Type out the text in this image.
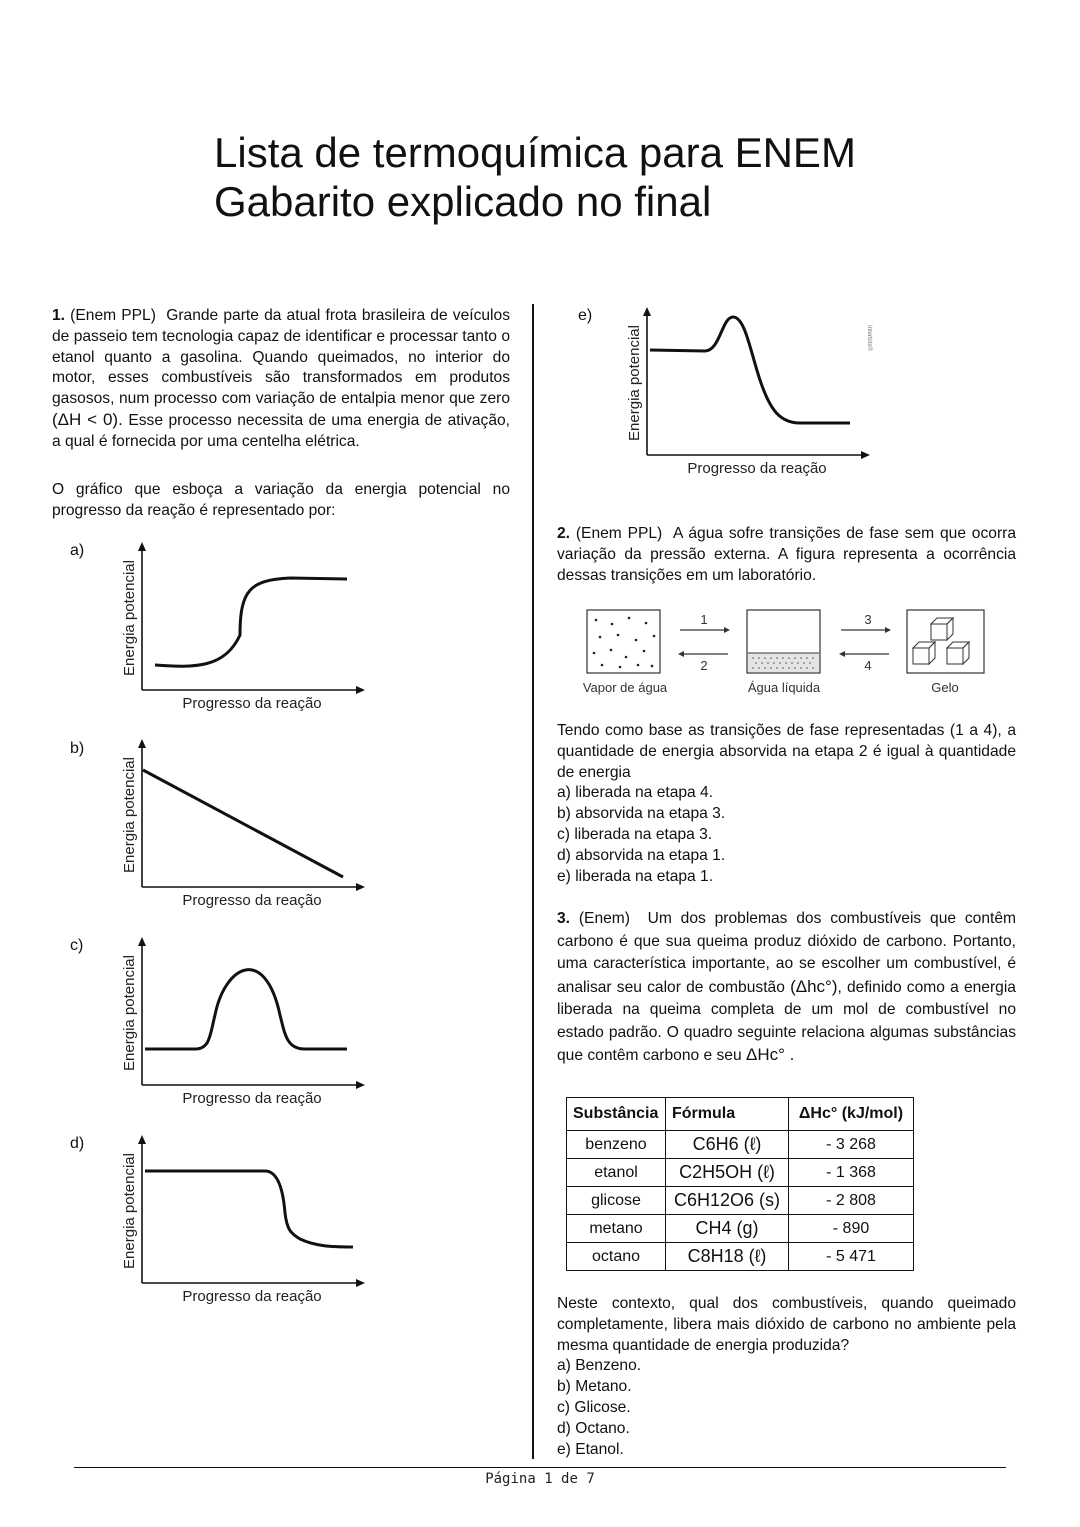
Lista de termoquímica para ENEM
Gabarito explicado no final

1. (Enem PPL) Grande parte da atual frota brasileira de veículos de passeio tem tecnologia capaz de identificar e processar tanto o etanol quanto a gasolina. Quando queimados, no interior do motor, esses combustíveis são transformados em produtos gasosos, num processo com variação de entalpia menor que zero (ΔH < 0). Esse processo necessita de uma energia de ativação, a qual é fornecida por uma centelha elétrica.

O gráfico que esboça a variação da energia potencial no progresso da reação é representado por:

a)
b)
c)
d)
e)
Energia potencial
Progresso da reação
Energia potencial
Progresso da reação
Energia potencial
Progresso da reação
Energia potencial
Progresso da reação
Interbits®
Energia potencial
Progresso da reação

2. (Enem PPL) A água sofre transições de fase sem que ocorra variação da pressão externa. A figura representa a ocorrência dessas transições em um laboratório.

1
2
3
4
Vapor de água	Água líquida	Gelo

Tendo como base as transições de fase representadas (1 a 4), a quantidade de energia absorvida na etapa 2 é igual à quantidade de energia

a) liberada na etapa 4.

b) absorvida na etapa 3.

c) liberada na etapa 3.

d) absorvida na etapa 1.

e) liberada na etapa 1.

3. (Enem) Um dos problemas dos combustíveis que contêm carbono é que sua queima produz dióxido de carbono. Portanto, uma característica importante, ao se escolher um combustível, é analisar seu calor de combustão (Δhc°), definido como a energia liberada na queima completa de um mol de combustível no estado padrão. O quadro seguinte relaciona algumas substâncias que contêm carbono e seu ΔHc° .

Substância	Fórmula	ΔHc° (kJ/mol)
benzeno	C6H6 (ℓ)	- 3 268
etanol	C2H5OH (ℓ)	- 1 368
glicose	C6H12O6 (s)	- 2 808
metano	CH4 (g)	- 890
octano	C8H18 (ℓ)	- 5 471

Neste contexto, qual dos combustíveis, quando queimado completamente, libera mais dióxido de carbono no ambiente pela mesma quantidade de energia produzida?

a) Benzeno.

b) Metano.

c) Glicose.

d) Octano.

e) Etanol.

Página 1 de 7
